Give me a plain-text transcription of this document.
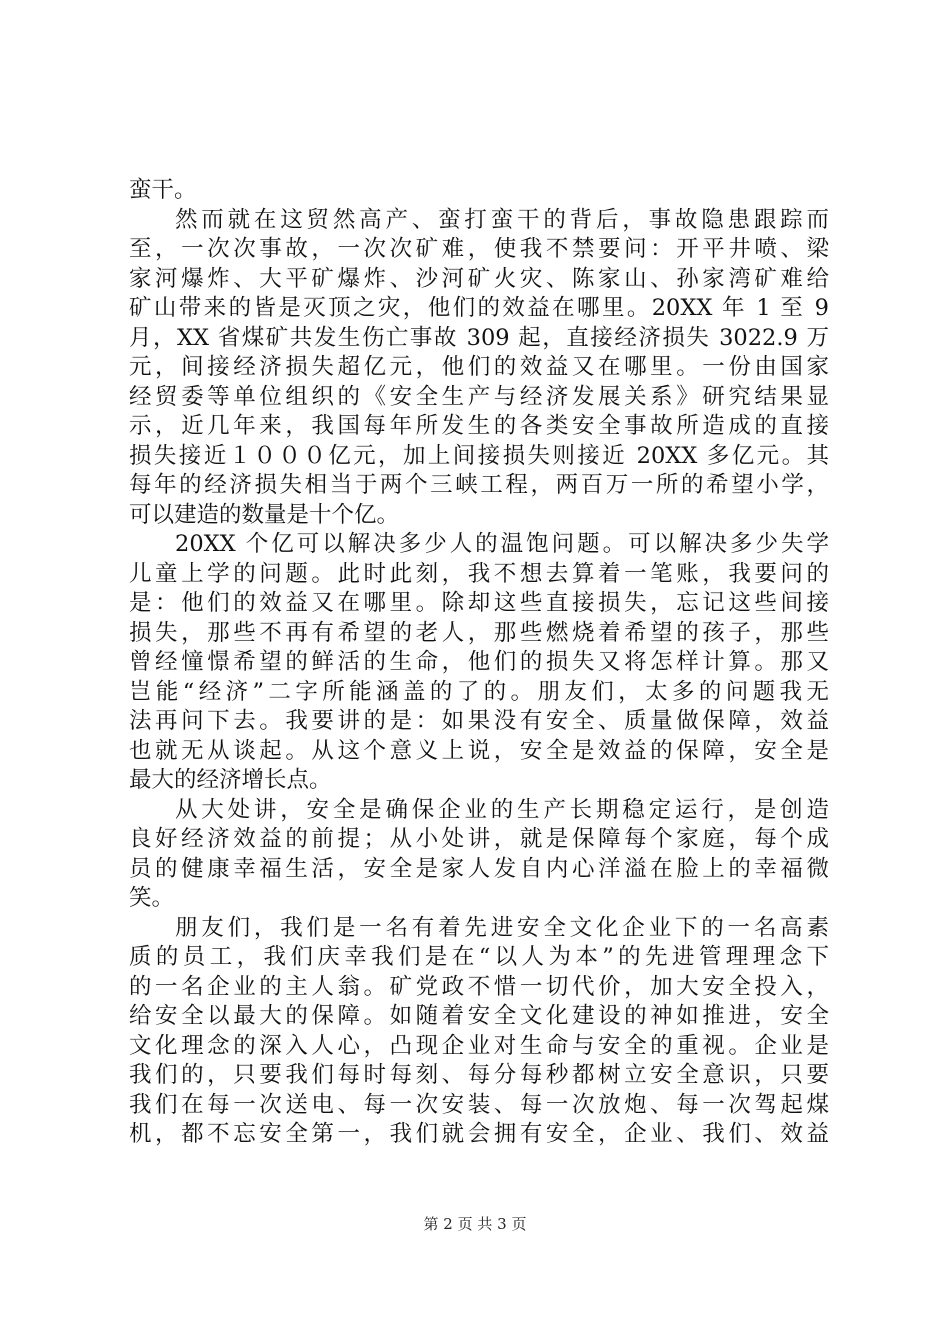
蛮干。
然而就在这贸然高产、蛮打蛮干的背后，事故隐患跟踪而
至，一次次事故，一次次矿难，使我不禁要问：开平井喷、梁
家河爆炸、大平矿爆炸、沙河矿火灾、陈家山、孙家湾矿难给
矿山带来的皆是灭顶之灾，他们的效益在哪里。20XX 年 1 至 9
月，XX 省煤矿共发生伤亡事故 309 起，直接经济损失 3022.9 万
元，间接经济损失超亿元，他们的效益又在哪里。一份由国家
经贸委等单位组织的《安全生产与经济发展关系》研究结果显
示，近几年来，我国每年所发生的各类安全事故所造成的直接
损失接近１０００亿元，加上间接损失则接近 20XX 多亿元。其
每年的经济损失相当于两个三峡工程，两百万一所的希望小学，
可以建造的数量是十个亿。
20XX 个亿可以解决多少人的温饱问题。可以解决多少失学
儿童上学的问题。此时此刻，我不想去算着一笔账，我要问的
是：他们的效益又在哪里。除却这些直接损失，忘记这些间接
损失，那些不再有希望的老人，那些燃烧着希望的孩子，那些
曾经憧憬希望的鲜活的生命，他们的损失又将怎样计算。那又
岂能“经济”二字所能涵盖的了的。朋友们，太多的问题我无
法再问下去。我要讲的是：如果没有安全、质量做保障，效益
也就无从谈起。从这个意义上说，安全是效益的保障，安全是
最大的经济增长点。
从大处讲，安全是确保企业的生产长期稳定运行，是创造
良好经济效益的前提；从小处讲，就是保障每个家庭，每个成
员的健康幸福生活，安全是家人发自内心洋溢在脸上的幸福微
笑。
朋友们，我们是一名有着先进安全文化企业下的一名高素
质的员工，我们庆幸我们是在“以人为本”的先进管理理念下
的一名企业的主人翁。矿党政不惜一切代价，加大安全投入，
给安全以最大的保障。如随着安全文化建设的神如推进，安全
文化理念的深入人心，凸现企业对生命与安全的重视。企业是
我们的，只要我们每时每刻、每分每秒都树立安全意识，只要
我们在每一次送电、每一次安装、每一次放炮、每一次驾起煤
机，都不忘安全第一，我们就会拥有安全，企业、我们、效益
第 2 页 共 3 页
